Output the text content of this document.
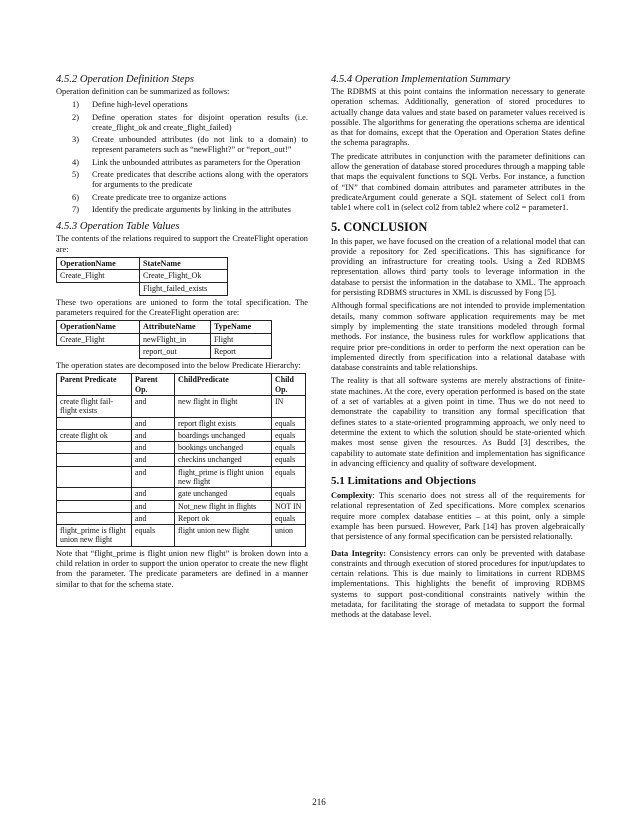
4.5.2 Operation Definition Steps
Operation definition can be summarized as follows:
1) Define high-level operations
2) Define operation states for disjoint operation results (i.e. create_flight_ok and create_flight_failed)
3) Create unbounded attributes (do not link to a domain) to represent parameters such as “newFlight?” or “report_out!”
4) Link the unbounded attributes as parameters for the Operation
5) Create predicates that describe actions along with the operators for arguments to the predicate
6) Create predicate tree to organize actions
7) Identify the predicate arguments by linking in the attributes
4.5.3 Operation Table Values
The contents of the relations required to support the CreateFlight operation are:
OperationName	StateName
Create_Flight	Create_Flight_Ok
	Flight_failed_exists
These two operations are unioned to form the total specification. The parameters required for the CreateFlight operation are:
OperationName	AttributeName	TypeName
Create_Flight	newFlight_in	Flight
	report_out	Report
The operation states are decomposed into the below Predicate Hierarchy:
Parent Predicate	Parent Op.	ChildPredicate	Child Op.
create flight fail- flight exists	and	new flight in flight	IN
	and	report flight exists	equals
create flight ok	and	boardings unchanged	equals
	and	bookings unchanged	equals
	and	checkins unchanged	equals
	and	flight_prime is flight union new flight	equals
	and	gate unchanged	equals
	and	Not_new flight in flights	NOT IN
	and	Report ok	equals
flight_prime is flight union new flight	equals	flight union new flight	union
Note that “flight_prime is flight union new flight” is broken down into a child relation in order to support the union operator to create the new flight from the parameter. The predicate parameters are defined in a manner similar to that for the schema state.
4.5.4 Operation Implementation Summary
The RDBMS at this point contains the information necessary to generate operation schemas. Additionally, generation of stored procedures to actually change data values and state based on parameter values received is possible. The algorithms for generating the operations schema are identical as that for domains, except that the Operation and Operation States define the schema paragraphs.
The predicate attributes in conjunction with the parameter definitions can allow the generation of database stored procedures through a mapping table that maps the equivalent functions to SQL Verbs. For instance, a function of “IN” that combined domain attributes and parameter attributes in the predicateArgument could generate a SQL statement of Select col1 from table1 where col1 in (select col2 from table2 where col2 = parameter1.
5. CONCLUSION
In this paper, we have focused on the creation of a relational model that can provide a repository for Zed specifications. This has significance for providing an infrastructure for creating tools. Using a Zed RDBMS representation allows third party tools to leverage information in the database to persist the information in the database to XML. The approach for persisting RDBMS structures in XML is discussed by Fong [5].
Although formal specifications are not intended to provide implementation details, many common software application requirements may be met simply by implementing the state transitions modeled through formal methods. For instance, the business rules for workflow applications that require prior pre-conditions in order to perform the next operation can be implemented directly from specification into a relational database with database constraints and table relationships.
The reality is that all software systems are merely abstractions of finite-state machines. At the core, every operation performed is based on the state of a set of variables at a given point in time. Thus we do not need to demonstrate the capability to transition any formal specification that defines states to a state-oriented programming approach, we only need to determine the extent to which the solution should be state-oriented which makes most sense given the resources. As Budd [3] describes, the capability to automate state definition and implementation has significance in advancing efficiency and quality of software development.
5.1 Limitations and Objections
Complexity: This scenario does not stress all of the requirements for relational representation of Zed specifications. More complex scenarios require more complex database entities – at this point, only a simple example has been pursued. However, Park [14] has proven algebraically that persistence of any formal specification can be persisted relationally.
Data Integrity: Consistency errors can only be prevented with database constraints and through execution of stored procedures for input/updates to certain relations. This is due mainly to limitations in current RDBMS implementations. This highlights the benefit of improving RDBMS systems to support post-conditional constraints natively within the metadata, for facilitating the storage of metadata to support the formal methods at the database level.
216
